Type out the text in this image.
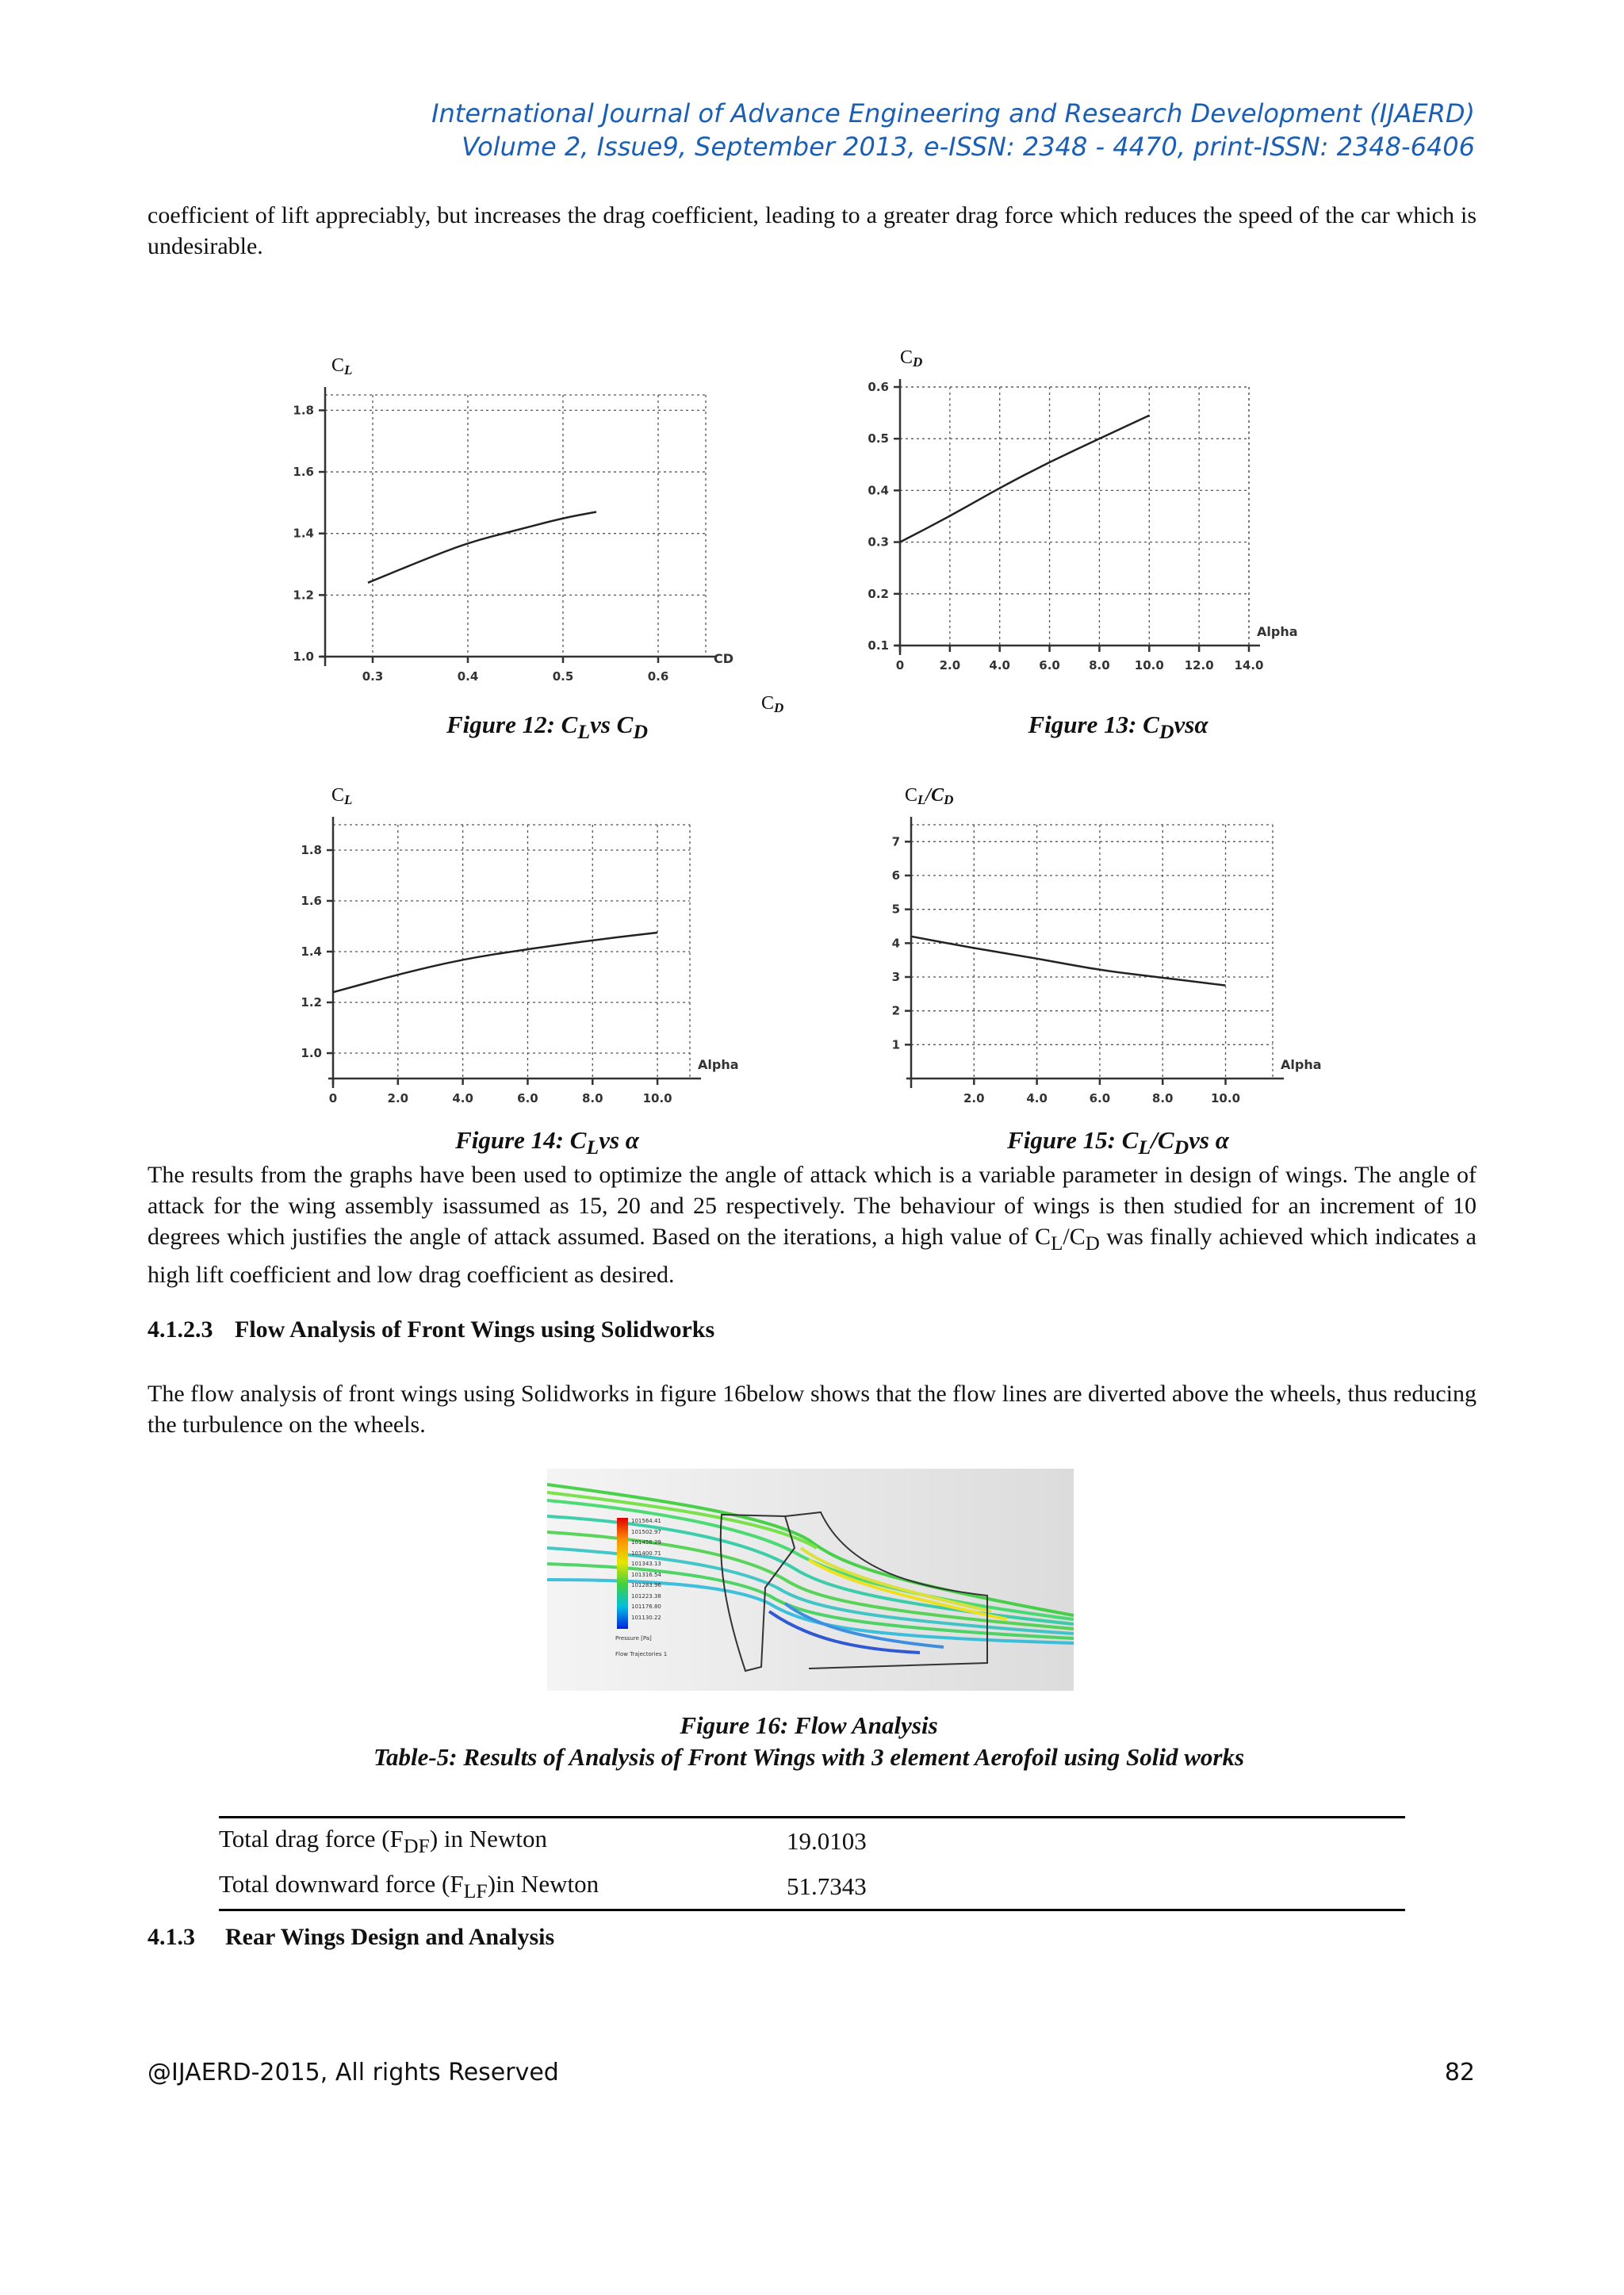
International Journal of Advance Engineering and Research Development (IJAERD)
Volume 2, Issue9, September 2013, e-ISSN: 2348 - 4470, print-ISSN: 2348-6406
coefficient of lift appreciably, but increases the drag coefficient, leading to a greater drag force which reduces the speed of the car which is undesirable.
0.3	0.4	0.5	0.6
1.0
1.2
1.4
1.6
1.8
CL
CD
CD
0	2.0 4.0 6.0 8.0 10.0 12.0 14.0
0.1
0.2
0.3
0.4
0.5
0.6
CD
Alpha
0	2.0	4.0	6.0	8.0	10.0
1.0
1.2
1.4
1.6
1.8
CL
Alpha
2.0	4.0	6.0	8.0	10.0
1
2
3
4
5
6
7
CL/CD
Alpha
Figure 12: $C_Lvs$ $C_D$	Figure 13: $C_Dvs\alpha$
Figure 14: $C_Lvs$ α	Figure 15: $C_L/C_Dvs$ α
The results from the graphs have been used to optimize the angle of attack which is a variable parameter in design of wings. The angle of attack for the wing assembly isassumed as 15, 20 and 25 respectively. The behaviour of wings is then studied for an increment of 10 degrees which justifies the angle of attack assumed. Based on the iterations, a high value of $C_L/C_D$ was finally achieved which indicates a high lift coefficient and low drag coefficient as desired.
4.1.2.3 Flow Analysis of Front Wings using Solidworks
The flow analysis of front wings using Solidworks in figure 16below shows that the flow lines are diverted above the wheels, thus reducing the turbulence on the wheels.
101564.41
101502.97
101456.29
101400.71
101343.13
101316.54
101283.96
101223.38
101176.80
101130.22
Pressure [Pa]
Flow Trajectories 1
Figure 16: Flow Analysis
Table-5: Results of Analysis of Front Wings with 3 element Aerofoil using Solid works
Total drag force $(F_{DF})$ in Newton	19.0103
Total downward force $(F_{LF})in$ Newton	51.7343
4.1.3 Rear Wings Design and Analysis
@IJAERD-2015, All rights Reserved	82
